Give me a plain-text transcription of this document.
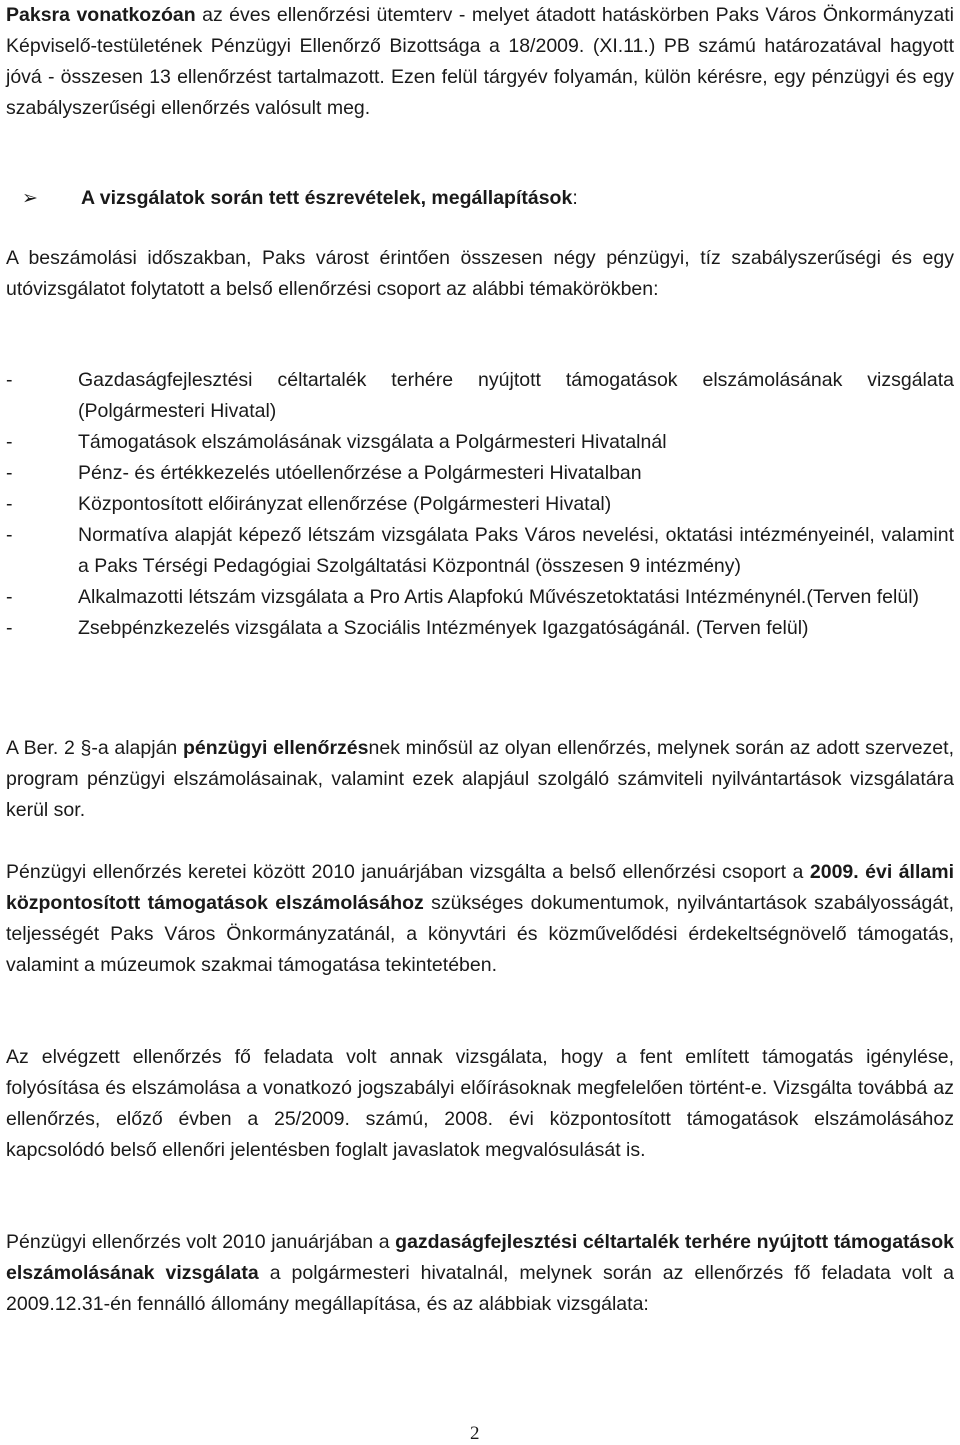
Paksra vonatkozóan az éves ellenőrzési ütemterv - melyet átadott hatáskörben Paks Város Önkormányzati Képviselő-testületének Pénzügyi Ellenőrző Bizottsága a 18/2009. (XI.11.) PB számú határozatával hagyott jóvá - összesen 13 ellenőrzést tartalmazott. Ezen felül tárgyév folyamán, külön kérésre, egy pénzügyi és egy szabályszerűségi ellenőrzés valósult meg.

➢ A vizsgálatok során tett észrevételek, megállapítások:

A beszámolási időszakban, Paks várost érintően összesen négy pénzügyi, tíz szabályszerűségi és egy utóvizsgálatot folytatott a belső ellenőrzési csoport az alábbi témakörökben:

-	Gazdaságfejlesztési céltartalék terhére nyújtott támogatások elszámolásának vizsgálata (Polgármesteri Hivatal)
-	Támogatások elszámolásának vizsgálata a Polgármesteri Hivatalnál
-	Pénz- és értékkezelés utóellenőrzése a Polgármesteri Hivatalban
-	Központosított előirányzat ellenőrzése (Polgármesteri Hivatal)
-	Normatíva alapját képező létszám vizsgálata Paks Város nevelési, oktatási intézményeinél, valamint a Paks Térségi Pedagógiai Szolgáltatási Központnál (összesen 9 intézmény)
-	Alkalmazotti létszám vizsgálata a Pro Artis Alapfokú Művészetoktatási Intézménynél.(Terven felül)
-	Zsebpénzkezelés vizsgálata a Szociális Intézmények Igazgatóságánál. (Terven felül)

A Ber. 2 §-a alapján pénzügyi ellenőrzésnek minősül az olyan ellenőrzés, melynek során az adott szervezet, program pénzügyi elszámolásainak, valamint ezek alapjául szolgáló számviteli nyilvántartások vizsgálatára kerül sor.

Pénzügyi ellenőrzés keretei között 2010 januárjában vizsgálta a belső ellenőrzési csoport a 2009. évi állami központosított támogatások elszámolásához szükséges dokumentumok, nyilvántartások szabályosságát, teljességét Paks Város Önkormányzatánál, a könyvtári és közművelődési érdekeltségnövelő támogatás, valamint a múzeumok szakmai támogatása tekintetében.

Az elvégzett ellenőrzés fő feladata volt annak vizsgálata, hogy a fent említett támogatás igénylése, folyósítása és elszámolása a vonatkozó jogszabályi előírásoknak megfelelően történt-e. Vizsgálta továbbá az ellenőrzés, előző évben a 25/2009. számú, 2008. évi központosított támogatások elszámolásához kapcsolódó belső ellenőri jelentésben foglalt javaslatok megvalósulását is.

Pénzügyi ellenőrzés volt 2010 januárjában a gazdaságfejlesztési céltartalék terhére nyújtott támogatások elszámolásának vizsgálata a polgármesteri hivatalnál, melynek során az ellenőrzés fő feladata volt a 2009.12.31-én fennálló állomány megállapítása, és az alábbiak vizsgálata:

2
